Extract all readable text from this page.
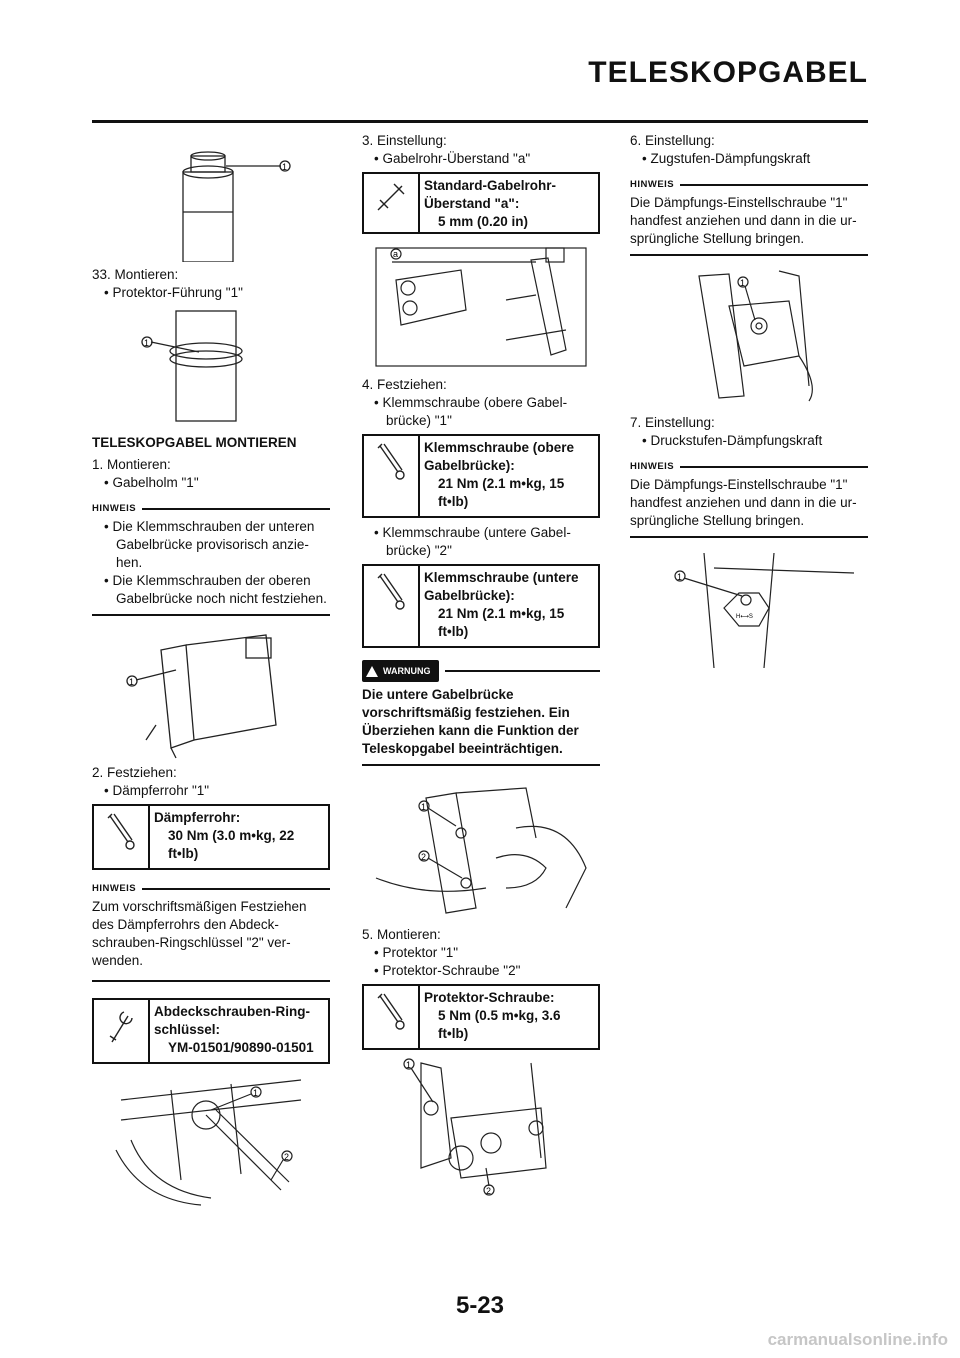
TELESKOPGABEL
1
33. Montieren:
• Protektor-Führung "1"
1
TELESKOPGABEL MONTIEREN
1. Montieren:
• Gabelholm "1"
HINWEIS
• Die Klemmschrauben der unteren Gabelbrücke provisorisch anzie-hen.
• Die Klemmschrauben der oberen Gabelbrücke noch nicht festziehen.
1
2. Festziehen:
• Dämpferrohr "1"
Dämpferrohr:
30 Nm (3.0 m•kg, 22 ft•lb)
HINWEIS
Zum vorschriftsmäßigen Festziehen des Dämpferrohrs den Abdeck-schrauben-Ringschlüssel "2" ver-wenden.
Abdeckschrauben-Ring-schlüssel:
YM-01501/90890-01501
1
2
3. Einstellung:
• Gabelrohr-Überstand "a"
Standard-Gabelrohr-Überstand "a":
5 mm (0.20 in)
a
4. Festziehen:
• Klemmschraube (obere Gabel-brücke) "1"
Klemmschraube (obere Gabelbrücke):
21 Nm (2.1 m•kg, 15 ft•lb)
• Klemmschraube (untere Gabel-brücke) "2"
Klemmschraube (untere Gabelbrücke):
21 Nm (2.1 m•kg, 15 ft•lb)
WARNUNG
Die untere Gabelbrücke vorschriftsmäßig festziehen. Ein Überziehen kann die Funktion der Teleskopgabel beeinträchtigen.
1
2
5. Montieren:
• Protektor "1"
• Protektor-Schraube "2"
Protektor-Schraube:
5 Nm (0.5 m•kg, 3.6 ft•lb)
1
2
6. Einstellung:
• Zugstufen-Dämpfungskraft
HINWEIS
Die Dämpfungs-Einstellschraube "1" handfest anziehen und dann in die ur-sprüngliche Stellung bringen.
1
7. Einstellung:
• Druckstufen-Dämpfungskraft
HINWEIS
Die Dämpfungs-Einstellschraube "1" handfest anziehen und dann in die ur-sprüngliche Stellung bringen.
1
H⟷S
5-23
carmanualsonline.info
